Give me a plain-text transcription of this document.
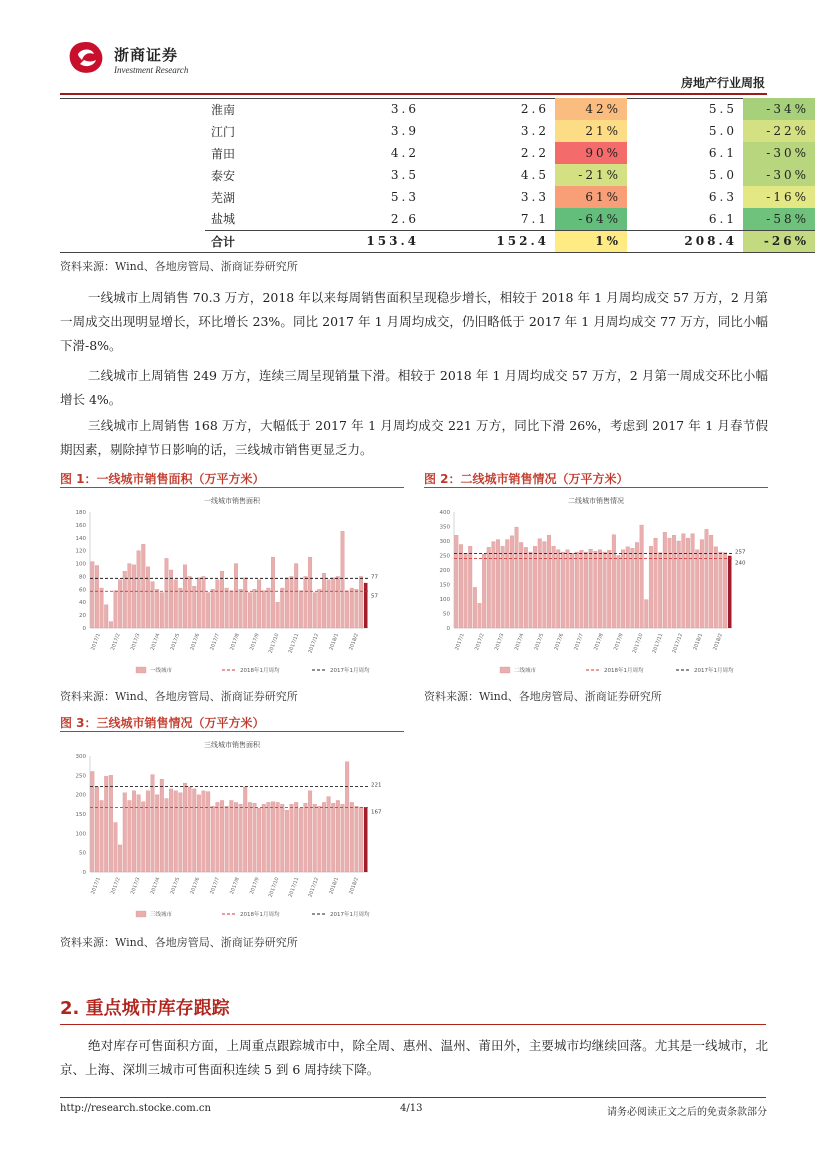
浙商证券
Investment Research
房地产行业周报
淮南	3.6	2.6	42%	5.5	-34%
江门	3.9	3.2	21%	5.0	-22%
莆田	4.2	2.2	90%	6.1	-30%
泰安	3.5	4.5	-21%	5.0	-30%
芜湖	5.3	3.3	61%	6.3	-16%
盐城	2.6	7.1	-64%	6.1	-58%
合计	153.4	152.4	1%	208.4	-26%
资料来源：Wind、各地房管局、浙商证券研究所
一线城市上周销售 70.3 万方，2018 年以来每周销售面积呈现稳步增长，相较于 2018 年 1 月周均成交 57 万方，2 月第一周成交出现明显增长，环比增长 23%。同比 2017 年 1 月周均成交，仍旧略低于 2017 年 1 月周均成交 77 万方，同比小幅下滑-8%。
二线城市上周销售 249 万方，连续三周呈现销量下滑。相较于 2018 年 1 月周均成交 57 万方，2 月第一周成交环比小幅增长 4%。
三线城市上周销售 168 万方，大幅低于 2017 年 1 月周均成交 221 万方，同比下滑 26%，考虑到 2017 年 1 月春节假期因素，剔除掉节日影响的话，三线城市销售更显乏力。
图 1：一线城市销售面积（万平方米）
一线城市销售面积
0
20
40
60
80
100
120
140
160
180
77
57
2017/1 2017/2 2017/3 2017/4 2017/5 2017/6 2017/7 2017/8 2017/9 2017/10 2017/11 2017/12 2018/1 2018/2
一线城市	2018年1月周均	2017年1月周均
资料来源：Wind、各地房管局、浙商证券研究所
图 2：二线城市销售情况（万平方米）
二线城市销售情况
0
50
100
150
200
250
300
350
400
257
240
2017/1 2017/2 2017/3 2017/4 2017/5 2017/6 2017/7 2017/8 2017/9 2017/10 2017/11 2017/12 2018/1 2018/2
二线城市	2018年1月周均	2017年1月周均
资料来源：Wind、各地房管局、浙商证券研究所
图 3：三线城市销售情况（万平方米）
三线城市销售面积
0
50
100
150
200
250
300
221
167
2017/1 2017/2 2017/3 2017/4 2017/5 2017/6 2017/7 2017/8 2017/9 2017/10 2017/11 2017/12 2018/1 2018/2
三线城市	2018年1月周均	2017年1月周均
资料来源：Wind、各地房管局、浙商证券研究所
2. 重点城市库存跟踪
绝对库存可售面积方面，上周重点跟踪城市中，除全周、惠州、温州、莆田外，主要城市均继续回落。尤其是一线城市，北京、上海、深圳三城市可售面积连续 5 到 6 周持续下降。
http://research.stocke.com.cn	4/13	请务必阅读正文之后的免责条款部分
